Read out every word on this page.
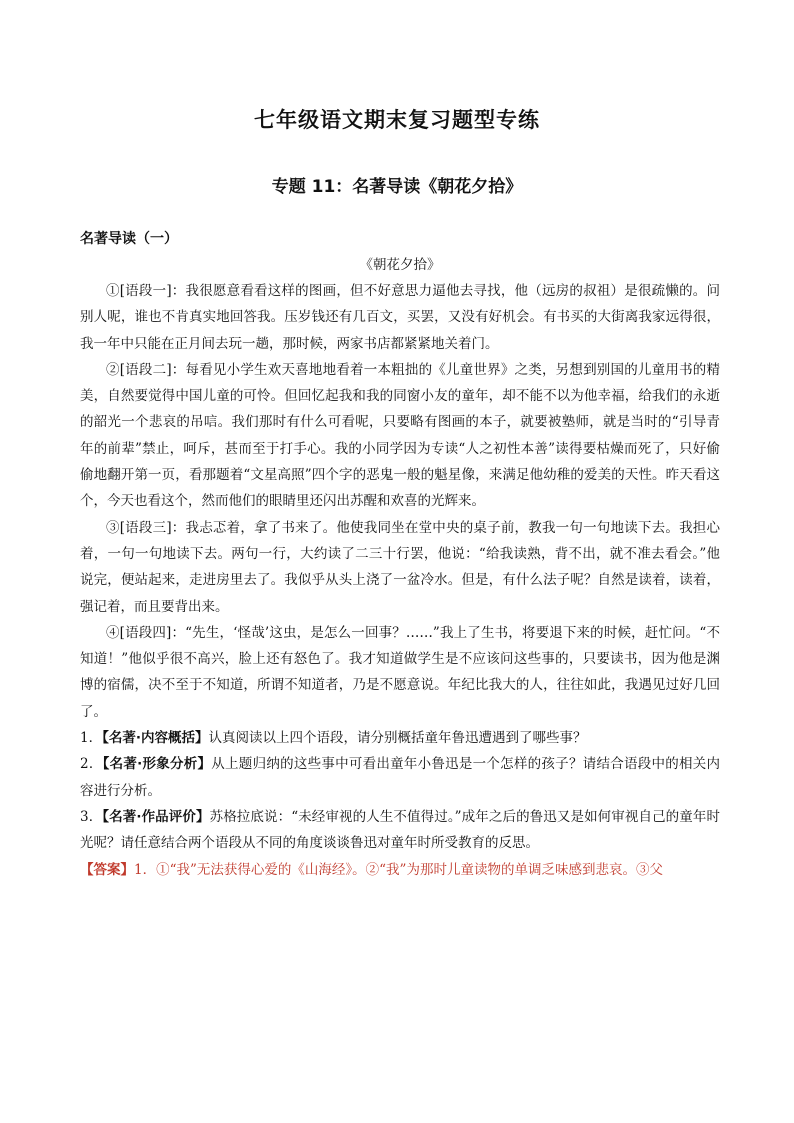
七年级语文期末复习题型专练
专题 11：名著导读《朝花夕拾》
名著导读（一）
《朝花夕拾》

①[语段一]：我很愿意看看这样的图画，但不好意思力逼他去寻找，他（远房的叔祖）是很疏懒的。问别人呢，谁也不肯真实地回答我。压岁钱还有几百文，买罢，又没有好机会。有书买的大街离我家远得很，我一年中只能在正月间去玩一趟，那时候，两家书店都紧紧地关着门。

②[语段二]：每看见小学生欢天喜地地看着一本粗拙的《儿童世界》之类，另想到别国的儿童用书的精美，自然要觉得中国儿童的可怜。但回忆起我和我的同窗小友的童年，却不能不以为他幸福，给我们的永逝的韶光一个悲哀的吊唁。我们那时有什么可看呢，只要略有图画的本子，就要被塾师，就是当时的“引导青年的前辈”禁止，呵斥，甚而至于打手心。我的小同学因为专读“人之初性本善”读得要枯燥而死了，只好偷偷地翻开第一页，看那题着“文星高照”四个字的恶鬼一般的魁星像，来满足他幼稚的爱美的天性。昨天看这个，今天也看这个，然而他们的眼睛里还闪出苏醒和欢喜的光辉来。

③[语段三]：我忐忑着，拿了书来了。他使我同坐在堂中央的桌子前，教我一句一句地读下去。我担心着，一句一句地读下去。两句一行，大约读了二三十行罢，他说：“给我读熟，背不出，就不准去看会。”他说完，便站起来，走进房里去了。我似乎从头上浇了一盆冷水。但是，有什么法子呢？自然是读着，读着，强记着，而且要背出来。

④[语段四]：“先生，‘怪哉’这虫，是怎么一回事？……”我上了生书，将要退下来的时候，赶忙问。“不知道！”他似乎很不高兴，脸上还有怒色了。我才知道做学生是不应该问这些事的，只要读书，因为他是渊博的宿儒，决不至于不知道，所谓不知道者，乃是不愿意说。年纪比我大的人，往往如此，我遇见过好几回了。

1．【名著·内容概括】认真阅读以上四个语段，请分别概括童年鲁迅遭遇到了哪些事？

2．【名著·形象分析】从上题归纳的这些事中可看出童年小鲁迅是一个怎样的孩子？请结合语段中的相关内容进行分析。

3．【名著·作品评价】苏格拉底说：“未经审视的人生不值得过。”成年之后的鲁迅又是如何审视自己的童年时光呢？请任意结合两个语段从不同的角度谈谈鲁迅对童年时所受教育的反思。

【答案】1．①“我”无法获得心爱的《山海经》。②“我”为那时儿童读物的单调乏味感到悲哀。③父
